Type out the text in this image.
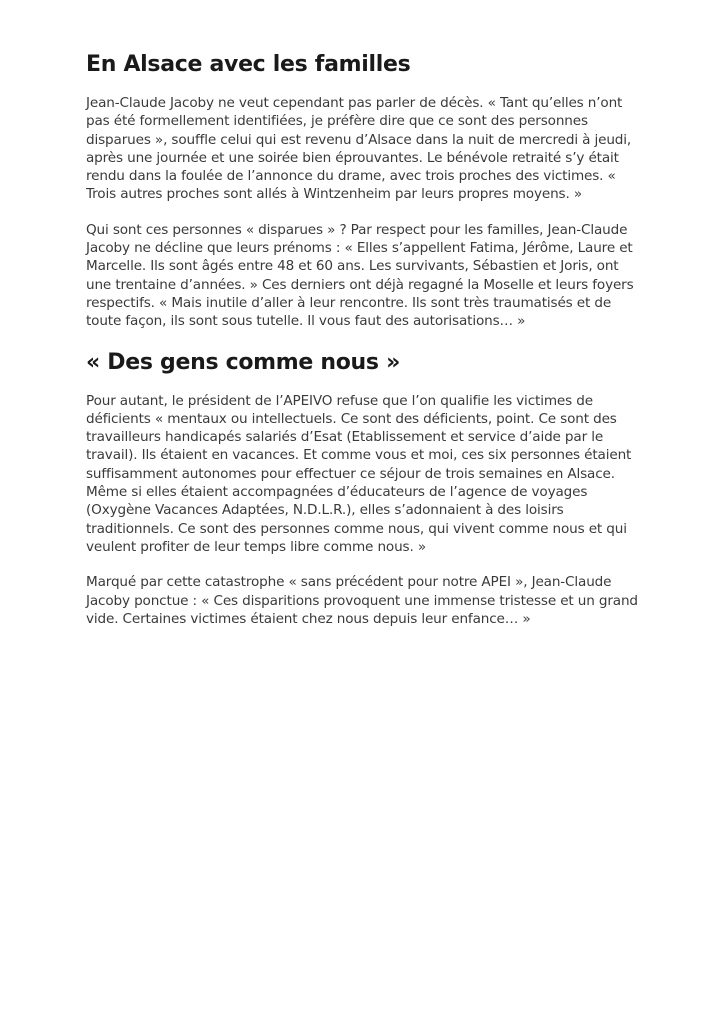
En Alsace avec les familles

Jean-Claude Jacoby ne veut cependant pas parler de décès. « Tant qu’elles n’ont pas été formellement identifiées, je préfère dire que ce sont des personnes disparues », souffle celui qui est revenu d’Alsace dans la nuit de mercredi à jeudi, après une journée et une soirée bien éprouvantes. Le bénévole retraité s’y était rendu dans la foulée de l’annonce du drame, avec trois proches des victimes. « Trois autres proches sont allés à Wintzenheim par leurs propres moyens. »

Qui sont ces personnes « disparues » ? Par respect pour les familles, Jean-Claude Jacoby ne décline que leurs prénoms : « Elles s’appellent Fatima, Jérôme, Laure et Marcelle. Ils sont âgés entre 48 et 60 ans. Les survivants, Sébastien et Joris, ont une trentaine d’années. » Ces derniers ont déjà regagné la Moselle et leurs foyers respectifs. « Mais inutile d’aller à leur rencontre. Ils sont très traumatisés et de toute façon, ils sont sous tutelle. Il vous faut des autorisations… »

« Des gens comme nous »

Pour autant, le président de l’APEIVO refuse que l’on qualifie les victimes de déficients « mentaux ou intellectuels. Ce sont des déficients, point. Ce sont des travailleurs handicapés salariés d’Esat (Etablissement et service d’aide par le travail). Ils étaient en vacances. Et comme vous et moi, ces six personnes étaient suffisamment autonomes pour effectuer ce séjour de trois semaines en Alsace. Même si elles étaient accompagnées d’éducateurs de l’agence de voyages (Oxygène Vacances Adaptées, N.D.L.R.), elles s’adonnaient à des loisirs traditionnels. Ce sont des personnes comme nous, qui vivent comme nous et qui veulent profiter de leur temps libre comme nous. »

Marqué par cette catastrophe « sans précédent pour notre APEI », Jean-Claude Jacoby ponctue : « Ces disparitions provoquent une immense tristesse et un grand vide. Certaines victimes étaient chez nous depuis leur enfance… »
